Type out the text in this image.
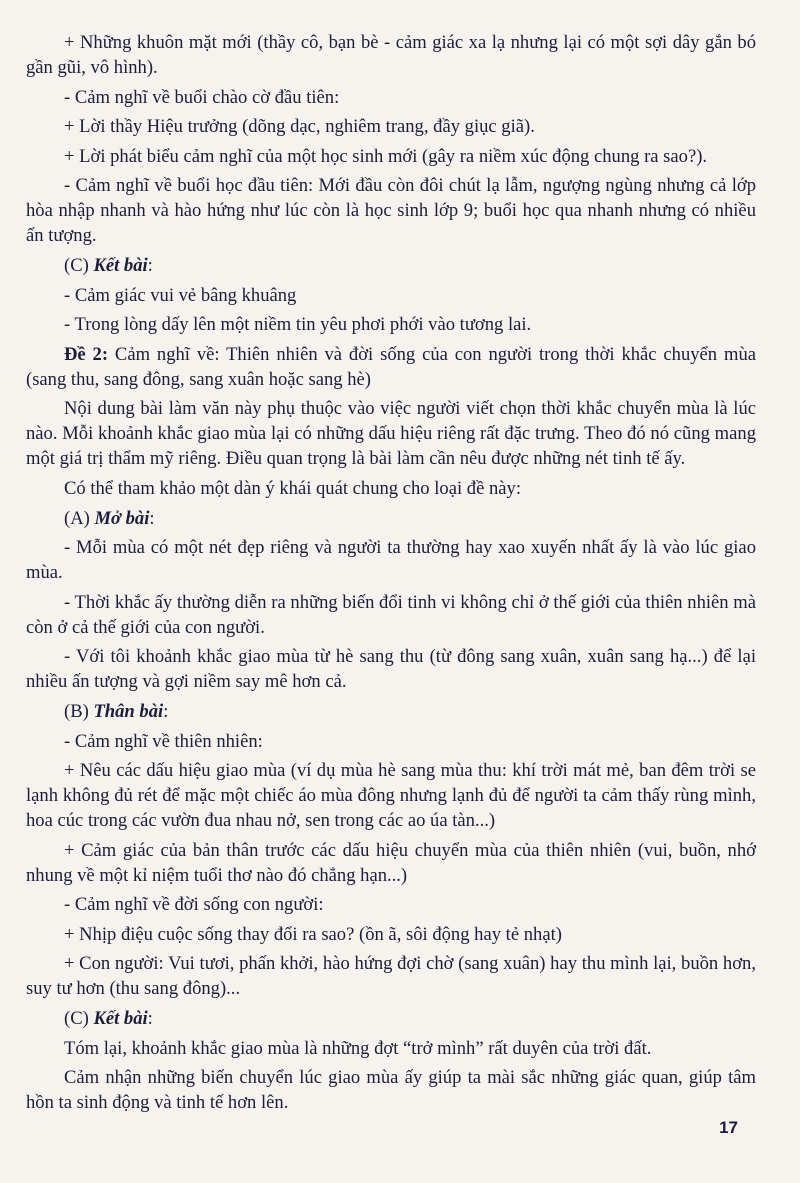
+ Những khuôn mặt mới (thầy cô, bạn bè - cảm giác xa lạ nhưng lại có một sợi dây gắn bó gần gũi, vô hình).

- Cảm nghĩ về buổi chào cờ đầu tiên:

+ Lời thầy Hiệu trưởng (dõng dạc, nghiêm trang, đầy giục giã).

+ Lời phát biểu cảm nghĩ của một học sinh mới (gây ra niềm xúc động chung ra sao?).

- Cảm nghĩ về buổi học đầu tiên: Mới đầu còn đôi chút lạ lẫm, ngượng ngùng nhưng cả lớp hòa nhập nhanh và hào hứng như lúc còn là học sinh lớp 9; buổi học qua nhanh nhưng có nhiều ấn tượng.

(C) Kết bài:

- Cảm giác vui vẻ bâng khuâng

- Trong lòng dấy lên một niềm tin yêu phơi phới vào tương lai.

Đề 2: Cảm nghĩ về: Thiên nhiên và đời sống của con người trong thời khắc chuyển mùa (sang thu, sang đông, sang xuân hoặc sang hè)

Nội dung bài làm văn này phụ thuộc vào việc người viết chọn thời khắc chuyển mùa là lúc nào. Mỗi khoảnh khắc giao mùa lại có những dấu hiệu riêng rất đặc trưng. Theo đó nó cũng mang một giá trị thẩm mỹ riêng. Điều quan trọng là bài làm cần nêu được những nét tinh tế ấy.

Có thể tham khảo một dàn ý khái quát chung cho loại đề này:

(A) Mở bài:

- Mỗi mùa có một nét đẹp riêng và người ta thường hay xao xuyến nhất ấy là vào lúc giao mùa.

- Thời khắc ấy thường diễn ra những biến đổi tinh vi không chỉ ở thế giới của thiên nhiên mà còn ở cả thế giới của con người.

- Với tôi khoảnh khắc giao mùa từ hè sang thu (từ đông sang xuân, xuân sang hạ...) để lại nhiều ấn tượng và gợi niềm say mê hơn cả.

(B) Thân bài:

- Cảm nghĩ về thiên nhiên:

+ Nêu các dấu hiệu giao mùa (ví dụ mùa hè sang mùa thu: khí trời mát mẻ, ban đêm trời se lạnh không đủ rét để mặc một chiếc áo mùa đông nhưng lạnh đủ để người ta cảm thấy rùng mình, hoa cúc trong các vườn đua nhau nở, sen trong các ao úa tàn...)

+ Cảm giác của bản thân trước các dấu hiệu chuyển mùa của thiên nhiên (vui, buồn, nhớ nhung về một kỉ niệm tuổi thơ nào đó chẳng hạn...)

- Cảm nghĩ về đời sống con người:

+ Nhịp điệu cuộc sống thay đổi ra sao? (ồn ã, sôi động hay tẻ nhạt)

+ Con người: Vui tươi, phấn khởi, hào hứng đợi chờ (sang xuân) hay thu mình lại, buồn hơn, suy tư hơn (thu sang đông)...

(C) Kết bài:

Tóm lại, khoảnh khắc giao mùa là những đợt “trở mình” rất duyên của trời đất.

Cảm nhận những biến chuyển lúc giao mùa ấy giúp ta mài sắc những giác quan, giúp tâm hồn ta sinh động và tinh tế hơn lên.

17
